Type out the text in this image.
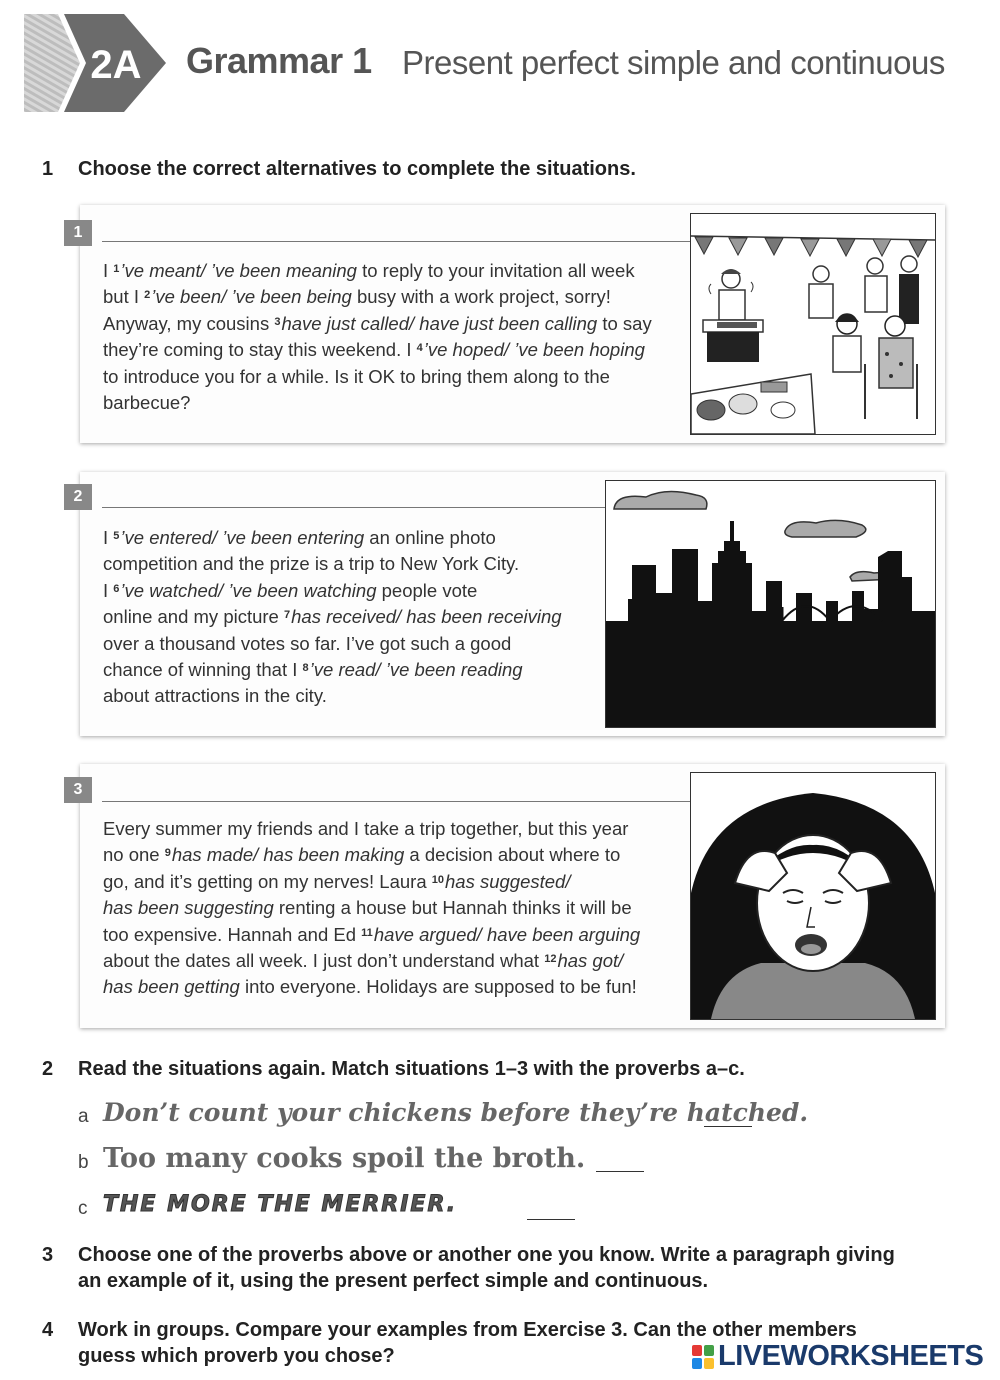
2A Grammar 1 Present perfect simple and continuous
1	Choose the correct alternatives to complete the situations.
1
I $^1$’ve meant/ ’ve been meaning to reply to your invitation all week
but I $^2$’ve been/ ’ve been being busy with a work project, sorry!
Anyway, my cousins $^3$have just called/ have just been calling to say
they’re coming to stay this weekend. I $^4$’ve hoped/ ’ve been hoping
to introduce you for a while. Is it OK to bring them along to the
barbecue?
2
I $^5$’ve entered/ ’ve been entering an online photo
competition and the prize is a trip to New York City.
I $^6$’ve watched/ ’ve been watching people vote
online and my picture $^7$has received/ has been receiving
over a thousand votes so far. I’ve got such a good
chance of winning that I $^8$’ve read/ ’ve been reading
about attractions in the city.
3
Every summer my friends and I take a trip together, but this year
no one $^9$has made/ has been making a decision about where to
go, and it’s getting on my nerves! Laura $^{10}$has suggested/
has been suggesting renting a house but Hannah thinks it will be
too expensive. Hannah and Ed $^{11}$have argued/ have been arguing
about the dates all week. I just don’t understand what $^{12}$has got/
has been getting into everyone. Holidays are supposed to be fun!
2	Read the situations again. Match situations 1–3 with the proverbs a–c.
a Don’t count your chickens before they’re hatched.
b Too many cooks spoil the broth.
c THE MORE THE MERRIER.
3	Choose one of the proverbs above or another one you know. Write a paragraph giving
an example of it, using the present perfect simple and continuous.
4	Work in groups. Compare your examples from Exercise 3. Can the other members
guess which proverb you chose?	LIVEWORKSHEETS
